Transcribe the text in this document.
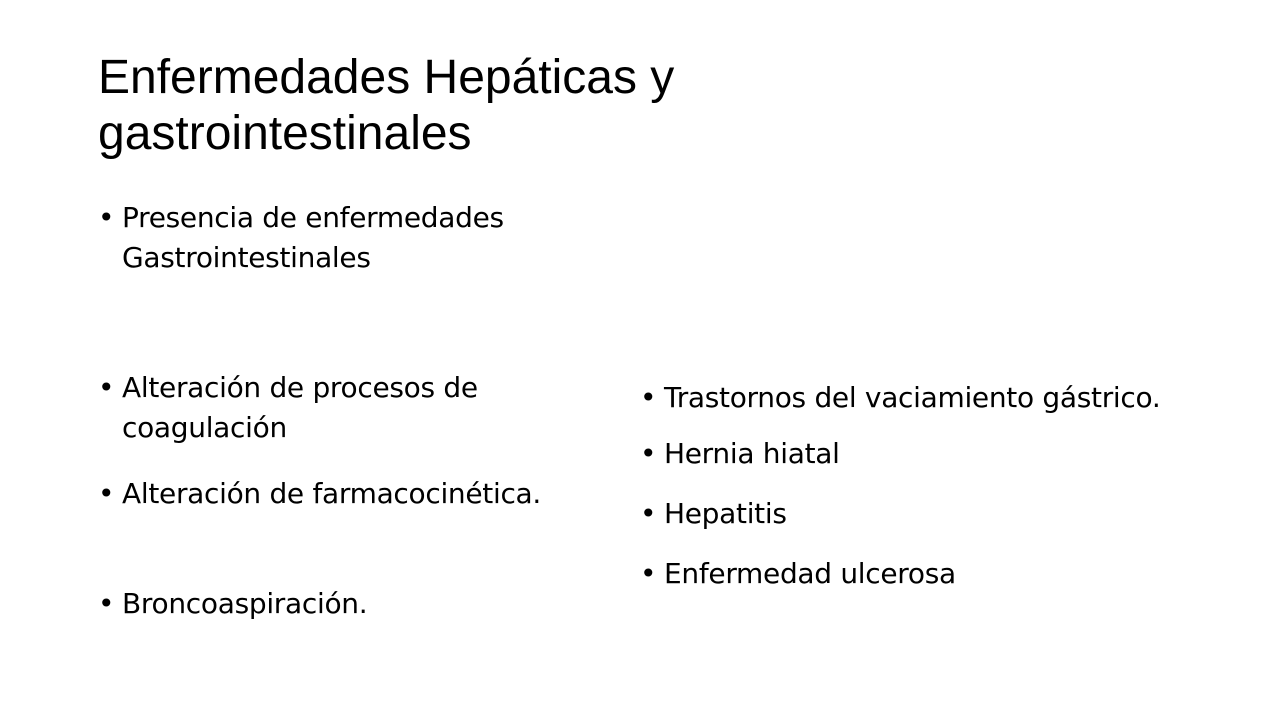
Enfermedades Hepáticas y
gastrointestinales
• Presencia de enfermedades Gastrointestinales
• Alteración de procesos de coagulación
• Alteración de farmacocinética.
• Broncoaspiración.
• Trastornos del vaciamiento gástrico.
• Hernia hiatal
• Hepatitis
• Enfermedad ulcerosa
